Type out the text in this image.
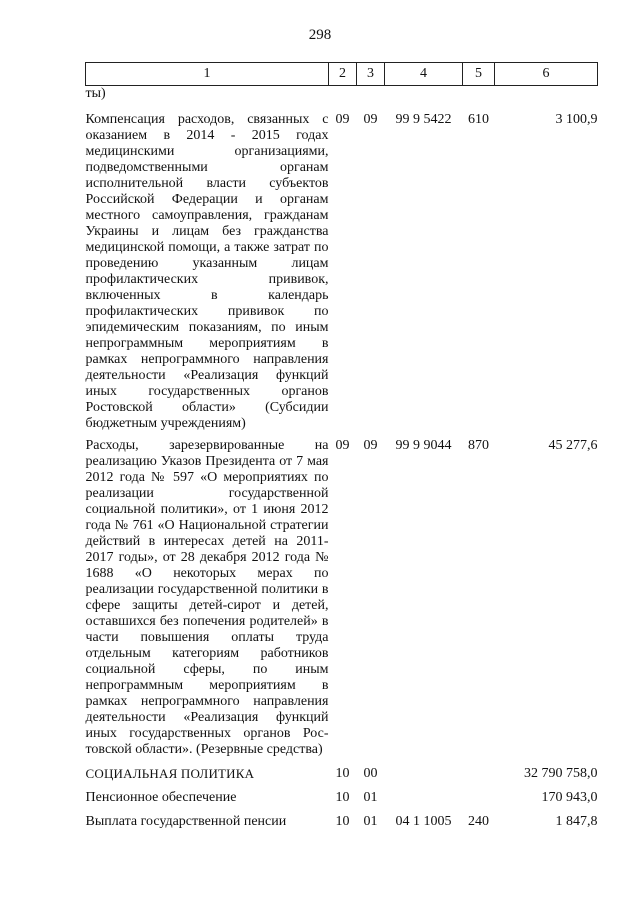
298
1	2	3	4	5	6
ты)					
Компенсация расходов, связанных с оказанием в 2014 - 2015 годах медицинскими организациями, подведомственными органам исполнительной власти субъектов Российской Федерации и органам местного самоуправления, гражданам Украины и лицам без гражданства медицинской помощи, а также затрат по проведению указанным лицам профилактических прививок, включенных в календарь профилактических прививок по эпидемическим показаниям, по иным непрограммным мероприятиям в рамках непрограммного направления деятельности «Реализация функций иных государственных органов Ростовской области» (Субсидии бюджетным учреждениям)	09	09	99 9 5422	610	3 100,9
Расходы, зарезервированные на реализацию Указов Президента от 7 мая 2012 года № 597 «О мероприятиях по реализации государственной социальной политики», от 1 июня 2012 года № 761 «О Национальной стратегии действий в интересах детей на 2011-2017 годы», от 28 декабря 2012 года № 1688 «О некоторых мерах по реализации государственной политики в сфере защиты детей-сирот и детей, оставшихся без попечения родителей» в части повышения оплаты труда отдельным категориям работников социальной сферы, по иным непрограммным мероприятиям в рамках непрограммного направления деятельности «Реализация функций иных государственных органов Рос-товской области». (Резервные средства)	09	09	99 9 9044	870	45 277,6
СОЦИАЛЬНАЯ ПОЛИТИКА	10	00			32 790 758,0
Пенсионное обеспечение	10	01			170 943,0
Выплата государственной пенсии	10	01	04 1 1005	240	1 847,8
